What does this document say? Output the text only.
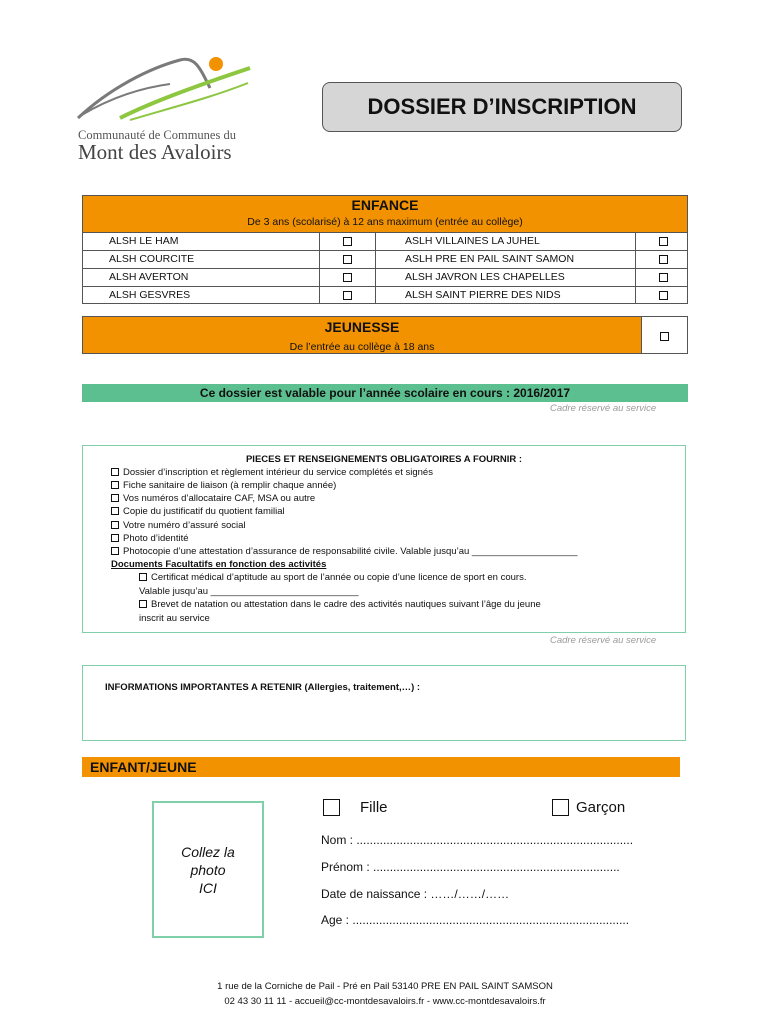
Communauté de Communes du
Mont des Avaloirs
DOSSIER D’INSCRIPTION
ENFANCE
De 3 ans (scolarisé) à 12 ans maximum (entrée au collège)
ALSH LE HAM
ALSH COURCITE
ALSH AVERTON
ALSH GESVRES
ASLH VILLAINES LA JUHEL
ASLH PRE EN PAIL SAINT SAMON
ALSH JAVRON LES CHAPELLES
ALSH SAINT PIERRE DES NIDS
JEUNESSE
De l’entrée au collège à 18 ans
Ce dossier est valable pour l’année scolaire en cours : 2016/2017
Cadre réservé au service
PIECES ET RENSEIGNEMENTS OBLIGATOIRES A FOURNIR :
Dossier d’inscription et règlement intérieur du service complétés et signés
Fiche sanitaire de liaison (à remplir chaque année)
Vos numéros d’allocataire CAF, MSA ou autre
Copie du justificatif du quotient familial
Votre numéro d’assuré social
Photo d’identité
Photocopie d’une attestation d’assurance de responsabilité civile. Valable jusqu’au ____________________
Documents Facultatifs en fonction des activités
Certificat médical d’aptitude au sport de l’année ou copie d’une licence de sport en cours.
Valable jusqu’au ____________________________
Brevet de natation ou attestation dans le cadre des activités nautiques suivant l’âge du jeune
inscrit au service
Cadre réservé au service
INFORMATIONS IMPORTANTES A RETENIR (Allergies, traitement,…) :
ENFANT/JEUNE
Collez la
photo
ICI
Fille	Garçon
Nom : ...................................................................................
Prénom : ..........................................................................
Date de naissance : ……/……/……
Age : ...................................................................................
1 rue de la Corniche de Pail - Pré en Pail 53140 PRE EN PAIL SAINT SAMSON
02 43 30 11 11 - accueil@cc-montdesavaloirs.fr - www.cc-montdesavaloirs.fr
